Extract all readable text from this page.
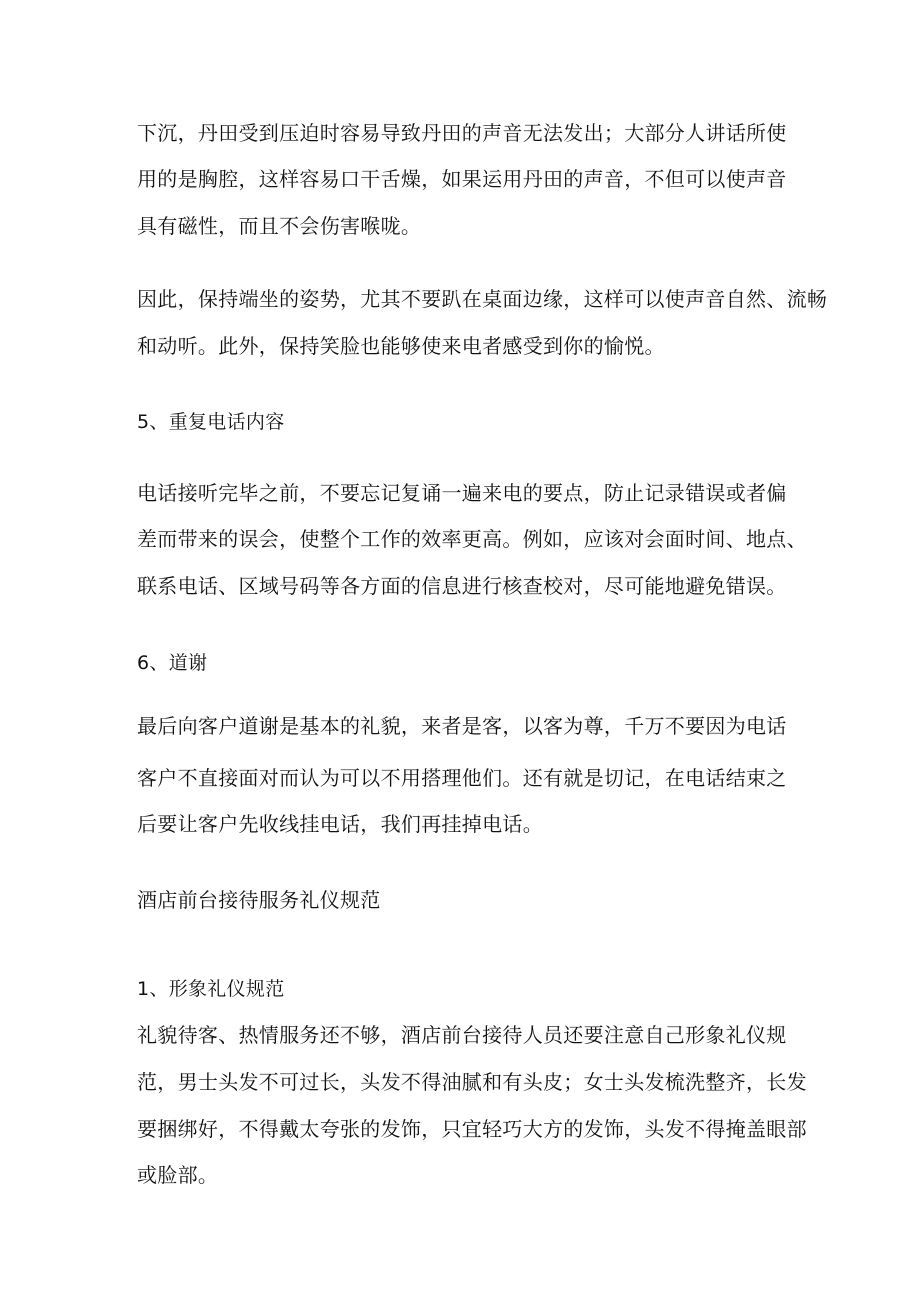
下沉，丹田受到压迫时容易导致丹田的声音无法发出；大部分人讲话所使
用的是胸腔，这样容易口干舌燥，如果运用丹田的声音，不但可以使声音
具有磁性，而且不会伤害喉咙。
因此，保持端坐的姿势，尤其不要趴在桌面边缘，这样可以使声音自然、流畅
和动听。此外，保持笑脸也能够使来电者感受到你的愉悦。
5、重复电话内容
电话接听完毕之前，不要忘记复诵一遍来电的要点，防止记录错误或者偏
差而带来的误会，使整个工作的效率更高。例如，应该对会面时间、地点、
联系电话、区域号码等各方面的信息进行核查校对，尽可能地避免错误。
6、道谢
最后向客户道谢是基本的礼貌，来者是客，以客为尊，千万不要因为电话
客户不直接面对而认为可以不用搭理他们。还有就是切记，在电话结束之
后要让客户先收线挂电话，我们再挂掉电话。
酒店前台接待服务礼仪规范
1、形象礼仪规范
礼貌待客、热情服务还不够，酒店前台接待人员还要注意自己形象礼仪规
范，男士头发不可过长，头发不得油腻和有头皮；女士头发梳洗整齐，长发
要捆绑好，不得戴太夸张的发饰，只宜轻巧大方的发饰，头发不得掩盖眼部
或脸部。
